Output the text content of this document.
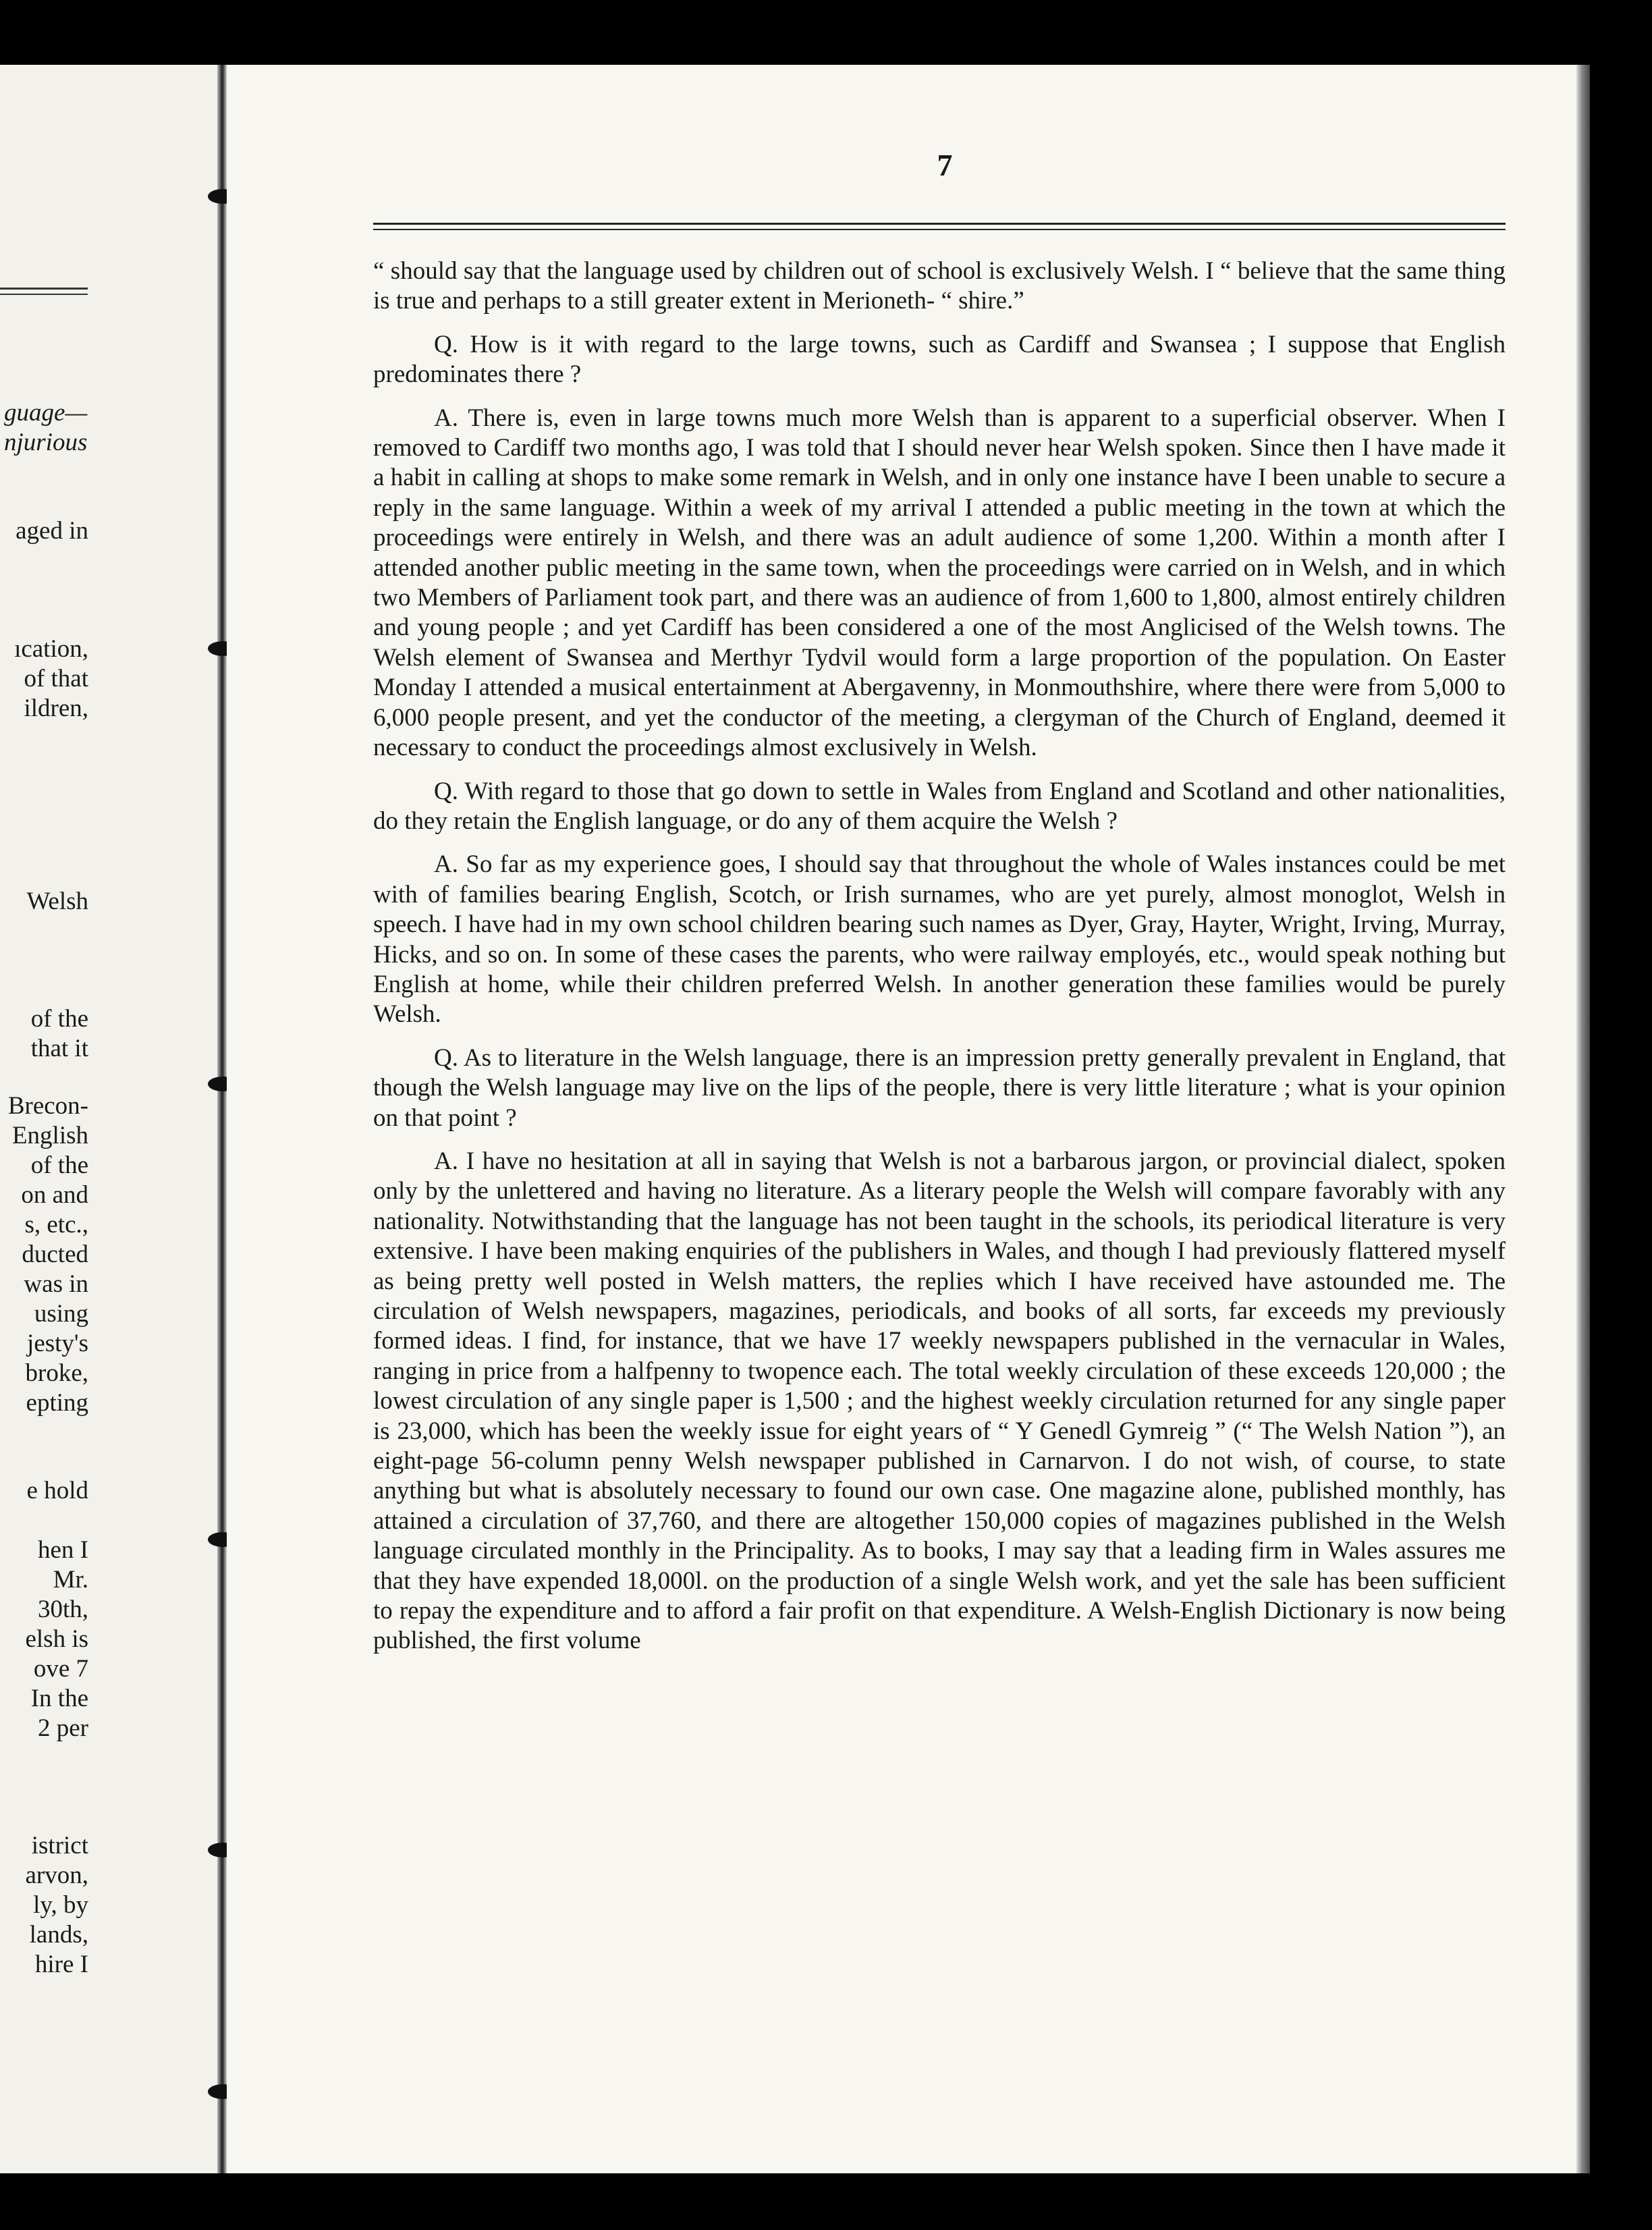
guage—
njurious
aged in
ıcation,
of that
ildren,
Welsh
of the
that it
Brecon-
English
of the
on and
s, etc.,
ducted
was in
using
jesty's
broke,
epting
e hold
hen I
Mr.
30th,
elsh is
ove 7
In the
2 per
istrict
arvon,
ly, by
lands,
hire I
7

“ should say that the language used by children out of school is exclusively Welsh. I “ believe that the same thing is true and perhaps to a still greater extent in Merioneth- “ shire.”

Q. How is it with regard to the large towns, such as Cardiff and Swansea ; I suppose that English predominates there ?

A. There is, even in large towns much more Welsh than is apparent to a superficial observer. When I removed to Cardiff two months ago, I was told that I should never hear Welsh spoken. Since then I have made it a habit in calling at shops to make some remark in Welsh, and in only one instance have I been unable to secure a reply in the same language. Within a week of my arrival I attended a public meeting in the town at which the proceedings were entirely in Welsh, and there was an adult audience of some 1,200. Within a month after I attended another public meeting in the same town, when the proceedings were carried on in Welsh, and in which two Members of Parliament took part, and there was an audience of from 1,600 to 1,800, almost entirely children and young people ; and yet Cardiff has been considered a one of the most Anglicised of the Welsh towns. The Welsh element of Swansea and Merthyr Tydvil would form a large proportion of the population. On Easter Monday I attended a musical entertainment at Abergavenny, in Monmouthshire, where there were from 5,000 to 6,000 people present, and yet the conductor of the meeting, a clergyman of the Church of England, deemed it necessary to conduct the proceedings almost exclusively in Welsh.

Q. With regard to those that go down to settle in Wales from England and Scotland and other nationalities, do they retain the English language, or do any of them acquire the Welsh ?

A. So far as my experience goes, I should say that throughout the whole of Wales instances could be met with of families bearing English, Scotch, or Irish surnames, who are yet purely, almost monoglot, Welsh in speech. I have had in my own school children bearing such names as Dyer, Gray, Hayter, Wright, Irving, Murray, Hicks, and so on. In some of these cases the parents, who were railway employés, etc., would speak nothing but English at home, while their children preferred Welsh. In another generation these families would be purely Welsh.

Q. As to literature in the Welsh language, there is an impression pretty generally prevalent in England, that though the Welsh language may live on the lips of the people, there is very little literature ; what is your opinion on that point ?

A. I have no hesitation at all in saying that Welsh is not a barbarous jargon, or provincial dialect, spoken only by the unlettered and having no literature. As a literary people the Welsh will compare favorably with any nationality. Notwithstanding that the language has not been taught in the schools, its periodical literature is very extensive. I have been making enquiries of the publishers in Wales, and though I had previously flattered myself as being pretty well posted in Welsh matters, the replies which I have received have astounded me. The circulation of Welsh newspapers, magazines, periodicals, and books of all sorts, far exceeds my previously formed ideas. I find, for instance, that we have 17 weekly newspapers published in the vernacular in Wales, ranging in price from a halfpenny to twopence each. The total weekly circulation of these exceeds 120,000 ; the lowest circulation of any single paper is 1,500 ; and the highest weekly circulation returned for any single paper is 23,000, which has been the weekly issue for eight years of “ Y Genedl Gymreig ” (“ The Welsh Nation ”), an eight-page 56-column penny Welsh newspaper published in Carnarvon. I do not wish, of course, to state anything but what is absolutely necessary to found our own case. One magazine alone, published monthly, has attained a circulation of 37,760, and there are altogether 150,000 copies of magazines published in the Welsh language circulated monthly in the Principality. As to books, I may say that a leading firm in Wales assures me that they have expended 18,000l. on the production of a single Welsh work, and yet the sale has been sufficient to repay the expenditure and to afford a fair profit on that expenditure. A Welsh-English Dictionary is now being published, the first volume
